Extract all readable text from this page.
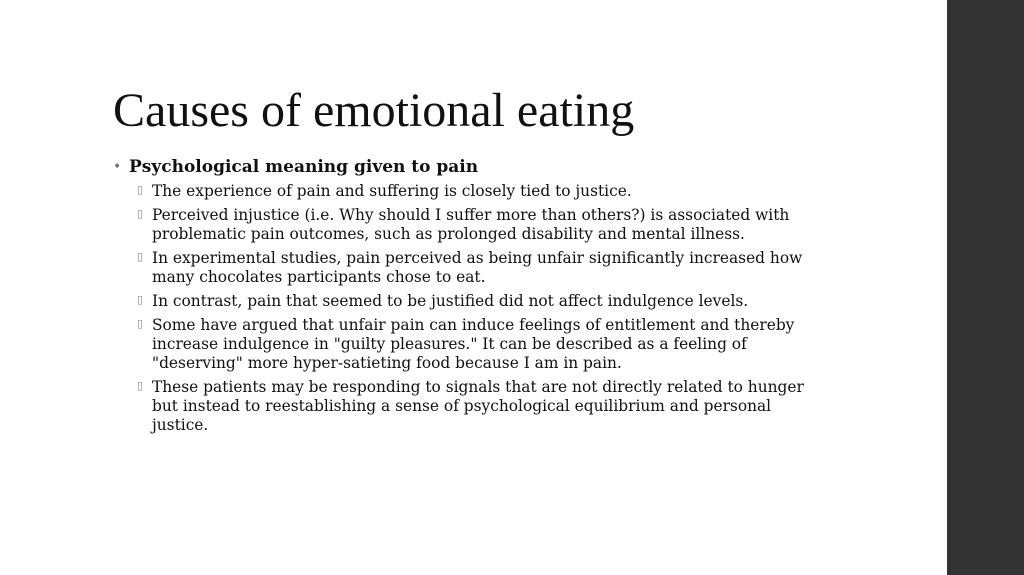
Causes of emotional eating
• Psychological meaning given to pain
▯ The experience of pain and suffering is closely tied to justice.
▯ Perceived injustice (i.e. Why should I suffer more than others?) is associated with problematic pain outcomes, such as prolonged disability and mental illness.
▯ In experimental studies, pain perceived as being unfair significantly increased how many chocolates participants chose to eat.
▯ In contrast, pain that seemed to be justified did not affect indulgence levels.
▯ Some have argued that unfair pain can induce feelings of entitlement and thereby increase indulgence in "guilty pleasures." It can be described as a feeling of "deserving" more hyper-satieting food because I am in pain.
▯ These patients may be responding to signals that are not directly related to hunger but instead to reestablishing a sense of psychological equilibrium and personal justice.
